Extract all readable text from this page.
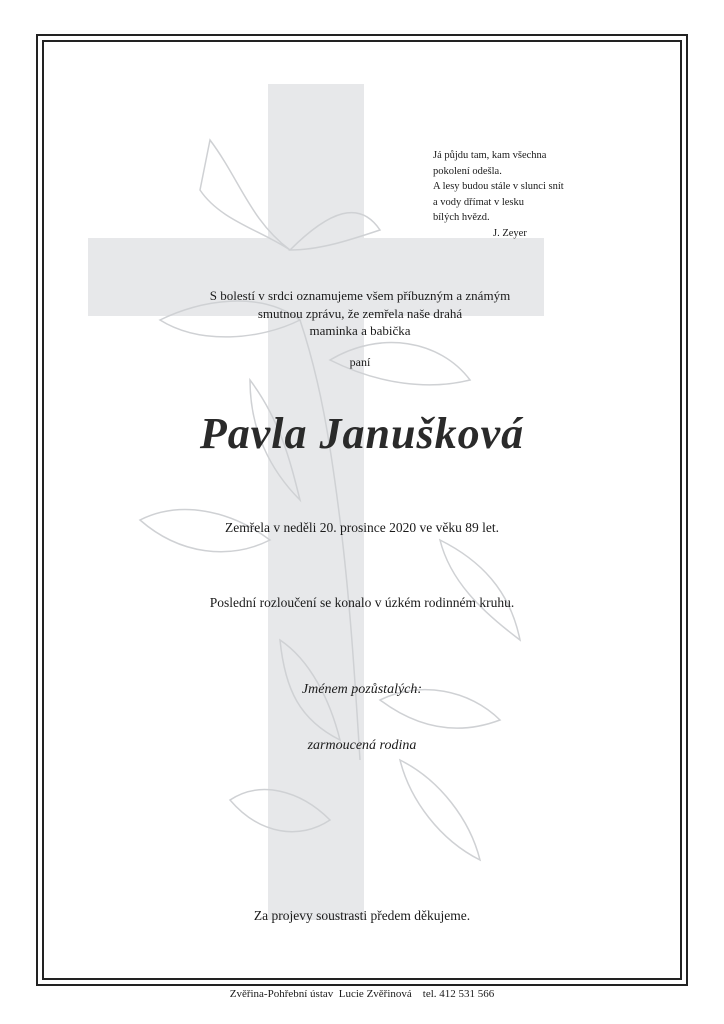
Já půjdu tam, kam všechna
pokolení odešla.
A lesy budou stále v slunci snít
a vody dřímat v lesku
bílých hvězd.
J. Zeyer
S bolestí v srdci oznamujeme všem příbuzným a známým
smutnou zprávu, že zemřela naše drahá
maminka a babička
paní
Pavla Janušková
Zemřela v neděli 20. prosince 2020 ve věku 89 let.
Poslední rozloučení se konalo v úzkém rodinném kruhu.
Jménem pozůstalých:
zarmoucená rodina
Za projevy soustrasti předem děkujeme.
Zvěřina-Pohřební ústav  Lucie Zvěřinová    tel. 412 531 566
